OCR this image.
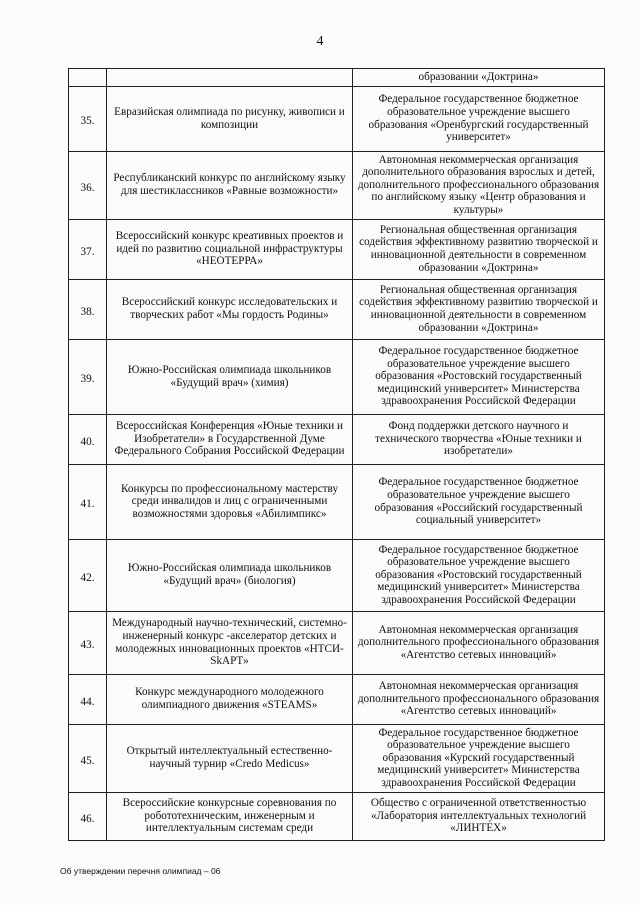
4
		образовании «Доктрина»
35.	Евразийская олимпиада по рисунку, живописи и композиции	Федеральное государственное бюджетное образовательное учреждение высшего образования «Оренбургский государственный университет»
36.	Республиканский конкурс по английскому языку для шестиклассников «Равные возможности»	Автономная некоммерческая организация дополнительного образования взрослых и детей, дополнительного профессионального образования по английскому языку «Центр образования и культуры»
37.	Всероссийский конкурс креативных проектов и идей по развитию социальной инфраструктуры «НЕОТЕРРА»	Региональная общественная организация содействия эффективному развитию творческой и инновационной деятельности в современном образовании «Доктрина»
38.	Всероссийский конкурс исследовательских и творческих работ «Мы гордость Родины»	Региональная общественная организация содействия эффективному развитию творческой и инновационной деятельности в современном образовании «Доктрина»
39.	Южно-Российская олимпиада школьников «Будущий врач» (химия)	Федеральное государственное бюджетное образовательное учреждение высшего образования «Ростовский государственный медицинский университет» Министерства здравоохранения Российской Федерации
40.	Всероссийская Конференция «Юные техники и Изобретатели» в Государственной Думе Федерального Собрания Российской Федерации	Фонд поддержки детского научного и технического творчества «Юные техники и изобретатели»
41.	Конкурсы по профессиональному мастерству среди инвалидов и лиц с ограниченными возможностями здоровья «Абилимпикс»	Федеральное государственное бюджетное образовательное учреждение высшего образования «Российский государственный социальный университет»
42.	Южно-Российская олимпиада школьников «Будущий врач» (биология)	Федеральное государственное бюджетное образовательное учреждение высшего образования «Ростовский государственный медицинский университет» Министерства здравоохранения Российской Федерации
43.	Международный научно-технический, системно-инженерный конкурс -акселератор детских и молодежных инновационных проектов «НТСИ-SkAPT»	Автономная некоммерческая организация дополнительного профессионального образования «Агентство сетевых инноваций»
44.	Конкурс международного молодежного олимпиадного движения «STEAMS»	Автономная некоммерческая организация дополнительного профессионального образования «Агентство сетевых инноваций»
45.	Открытый интеллектуальный естественно-научный турнир «Credo Medicus»	Федеральное государственное бюджетное образовательное учреждение высшего образования «Курский государственный медицинский университет» Министерства здравоохранения Российской Федерации
46.	Всероссийские конкурсные соревнования по робототехническим, инженерным и интеллектуальным системам среди	Общество с ограниченной ответственностью «Лаборатория интеллектуальных технологий «ЛИНТЕХ»
Об утверждении перечня олимпиад – 06
